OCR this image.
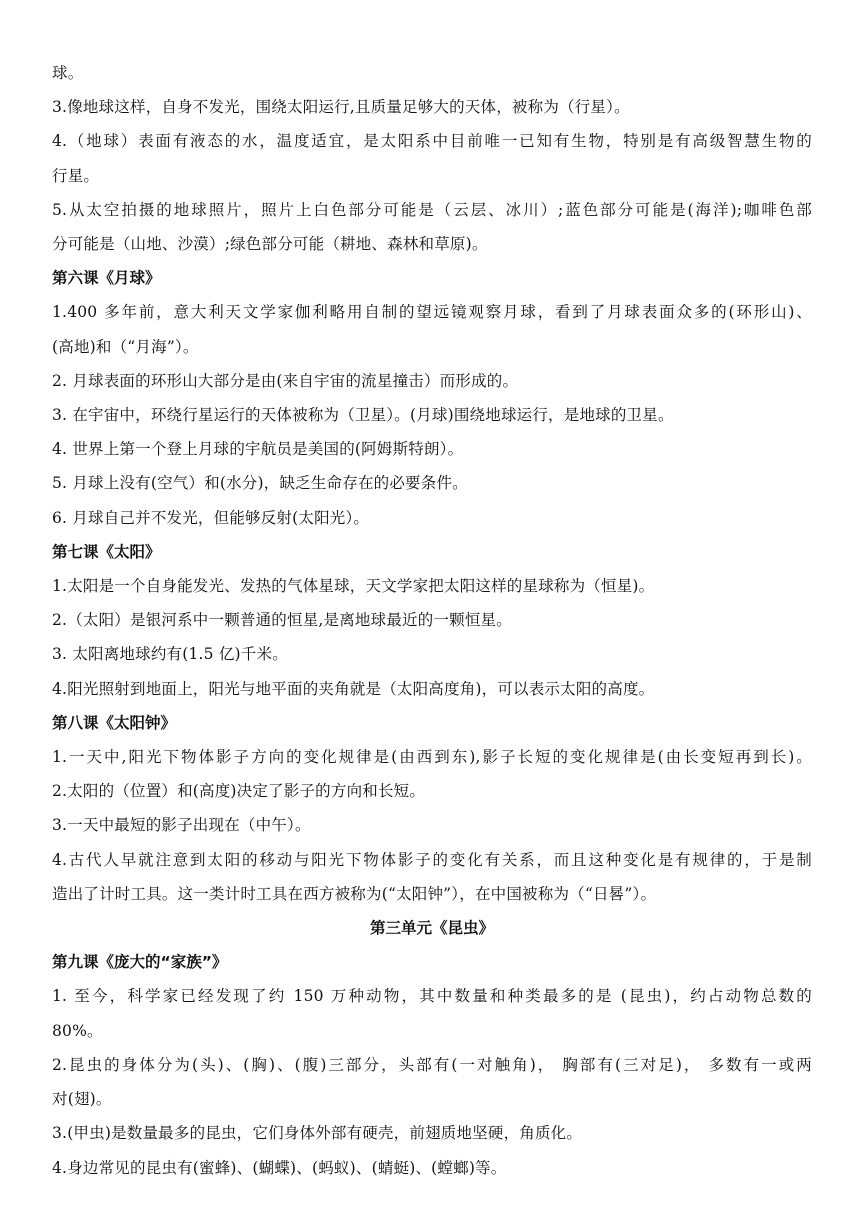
球。
3.像地球这样，自身不发光，围绕太阳运行,且质量足够大的天体，被称为（行星）。
4.（地球）表面有液态的水，温度适宜，是太阳系中目前唯一已知有生物，特别是有高级智慧生物的
行星。
5.从太空拍摄的地球照片，照片上白色部分可能是（云层、冰川）;蓝色部分可能是(海洋);咖啡色部
分可能是（山地、沙漠）;绿色部分可能（耕地、森林和草原)。
第六课《月球》
1.400 多年前，意大利天文学家伽利略用自制的望远镜观察月球，看到了月球表面众多的(环形山)、
(高地)和（“月海”）。
2. 月球表面的环形山大部分是由(来自宇宙的流星撞击）而形成的。
3. 在宇宙中，环绕行星运行的天体被称为（卫星）。(月球)围绕地球运行，是地球的卫星。
4. 世界上第一个登上月球的宇航员是美国的(阿姆斯特朗）。
5. 月球上没有(空气）和(水分)，缺乏生命存在的必要条件。
6. 月球自己并不发光，但能够反射(太阳光）。
第七课《太阳》
1.太阳是一个自身能发光、发热的气体星球，天文学家把太阳这样的星球称为（恒星)。
2.（太阳）是银河系中一颗普通的恒星,是离地球最近的一颗恒星。
3. 太阳离地球约有(1.5 亿)千米。
4.阳光照射到地面上，阳光与地平面的夹角就是（太阳高度角)，可以表示太阳的高度。
第八课《太阳钟》
1.一天中,阳光下物体影子方向的变化规律是(由西到东),影子长短的变化规律是(由长变短再到长)。
2.太阳的（位置）和(高度)决定了影子的方向和长短。
3.一天中最短的影子出现在（中午）。
4.古代人早就注意到太阳的移动与阳光下物体影子的变化有关系，而且这种变化是有规律的，于是制
造出了计时工具。这一类计时工具在西方被称为(“太阳钟”），在中国被称为（“日晷”）。
第三单元《昆虫》
第九课《庞大的“家族”》
1. 至今，科学家已经发现了约 150 万种动物，其中数量和种类最多的是 (昆虫)，约占动物总数的
80%。
2.昆虫的身体分为(头)、(胸)、(腹)三部分，头部有(一对触角)， 胸部有(三对足)， 多数有一或两
对(翅)。
3.(甲虫)是数量最多的昆虫，它们身体外部有硬壳，前翅质地坚硬，角质化。
4.身边常见的昆虫有(蜜蜂)、(蝴蝶)、(蚂蚁)、(蜻蜓)、(螳螂)等。
